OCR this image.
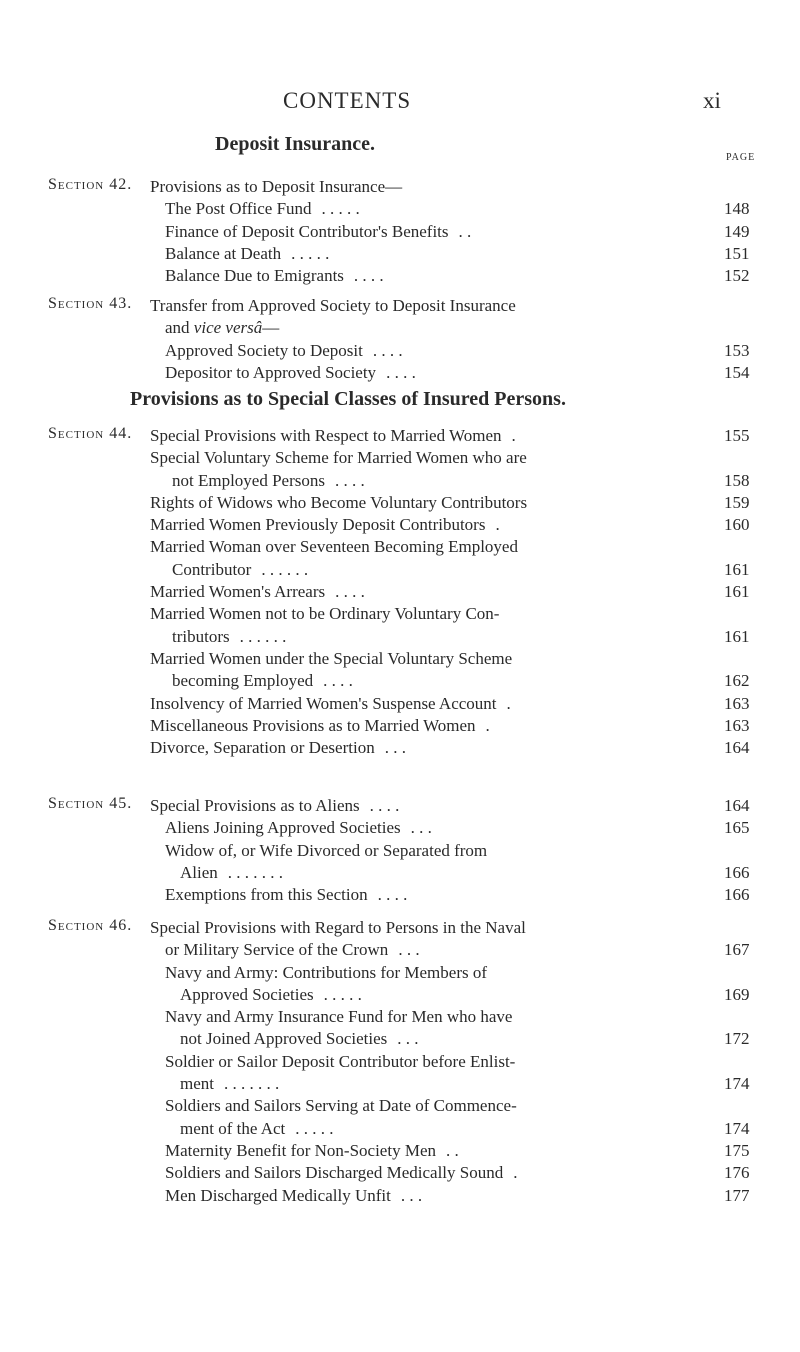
CONTENTS	xi
Deposit Insurance.
PAGE
Section 42. Provisions as to Deposit Insurance—
The Post Office Fund . . . . .	148
Finance of Deposit Contributor's Benefits . .	149
Balance at Death . . . . .	151
Balance Due to Emigrants . . . .	152
Section 43. Transfer from Approved Society to Deposit Insurance
and vice versâ—
Approved Society to Deposit . . . .	153
Depositor to Approved Society . . . .	154
Provisions as to Special Classes of Insured Persons.
Section 44. Special Provisions with Respect to Married Women .	155
Special Voluntary Scheme for Married Women who are
not Employed Persons . . . .	158
Rights of Widows who Become Voluntary Contributors	159
Married Women Previously Deposit Contributors .	160
Married Woman over Seventeen Becoming Employed
Contributor . . . . . .	161
Married Women's Arrears . . . .	161
Married Women not to be Ordinary Voluntary Con-
tributors . . . . . .	161
Married Women under the Special Voluntary Scheme
becoming Employed . . . .	162
Insolvency of Married Women's Suspense Account .	163
Miscellaneous Provisions as to Married Women .	163
Divorce, Separation or Desertion . . .	164
Section 45. Special Provisions as to Aliens . . . .	164
Aliens Joining Approved Societies . . .	165
Widow of, or Wife Divorced or Separated from
Alien . . . . . . .	166
Exemptions from this Section . . . .	166
Section 46. Special Provisions with Regard to Persons in the Naval
or Military Service of the Crown . . .	167
Navy and Army: Contributions for Members of
Approved Societies . . . . .	169
Navy and Army Insurance Fund for Men who have
not Joined Approved Societies . . .	172
Soldier or Sailor Deposit Contributor before Enlist-
ment . . . . . . .	174
Soldiers and Sailors Serving at Date of Commence-
ment of the Act . . . . .	174
Maternity Benefit for Non-Society Men . .	175
Soldiers and Sailors Discharged Medically Sound .	176
Men Discharged Medically Unfit . . .	177
